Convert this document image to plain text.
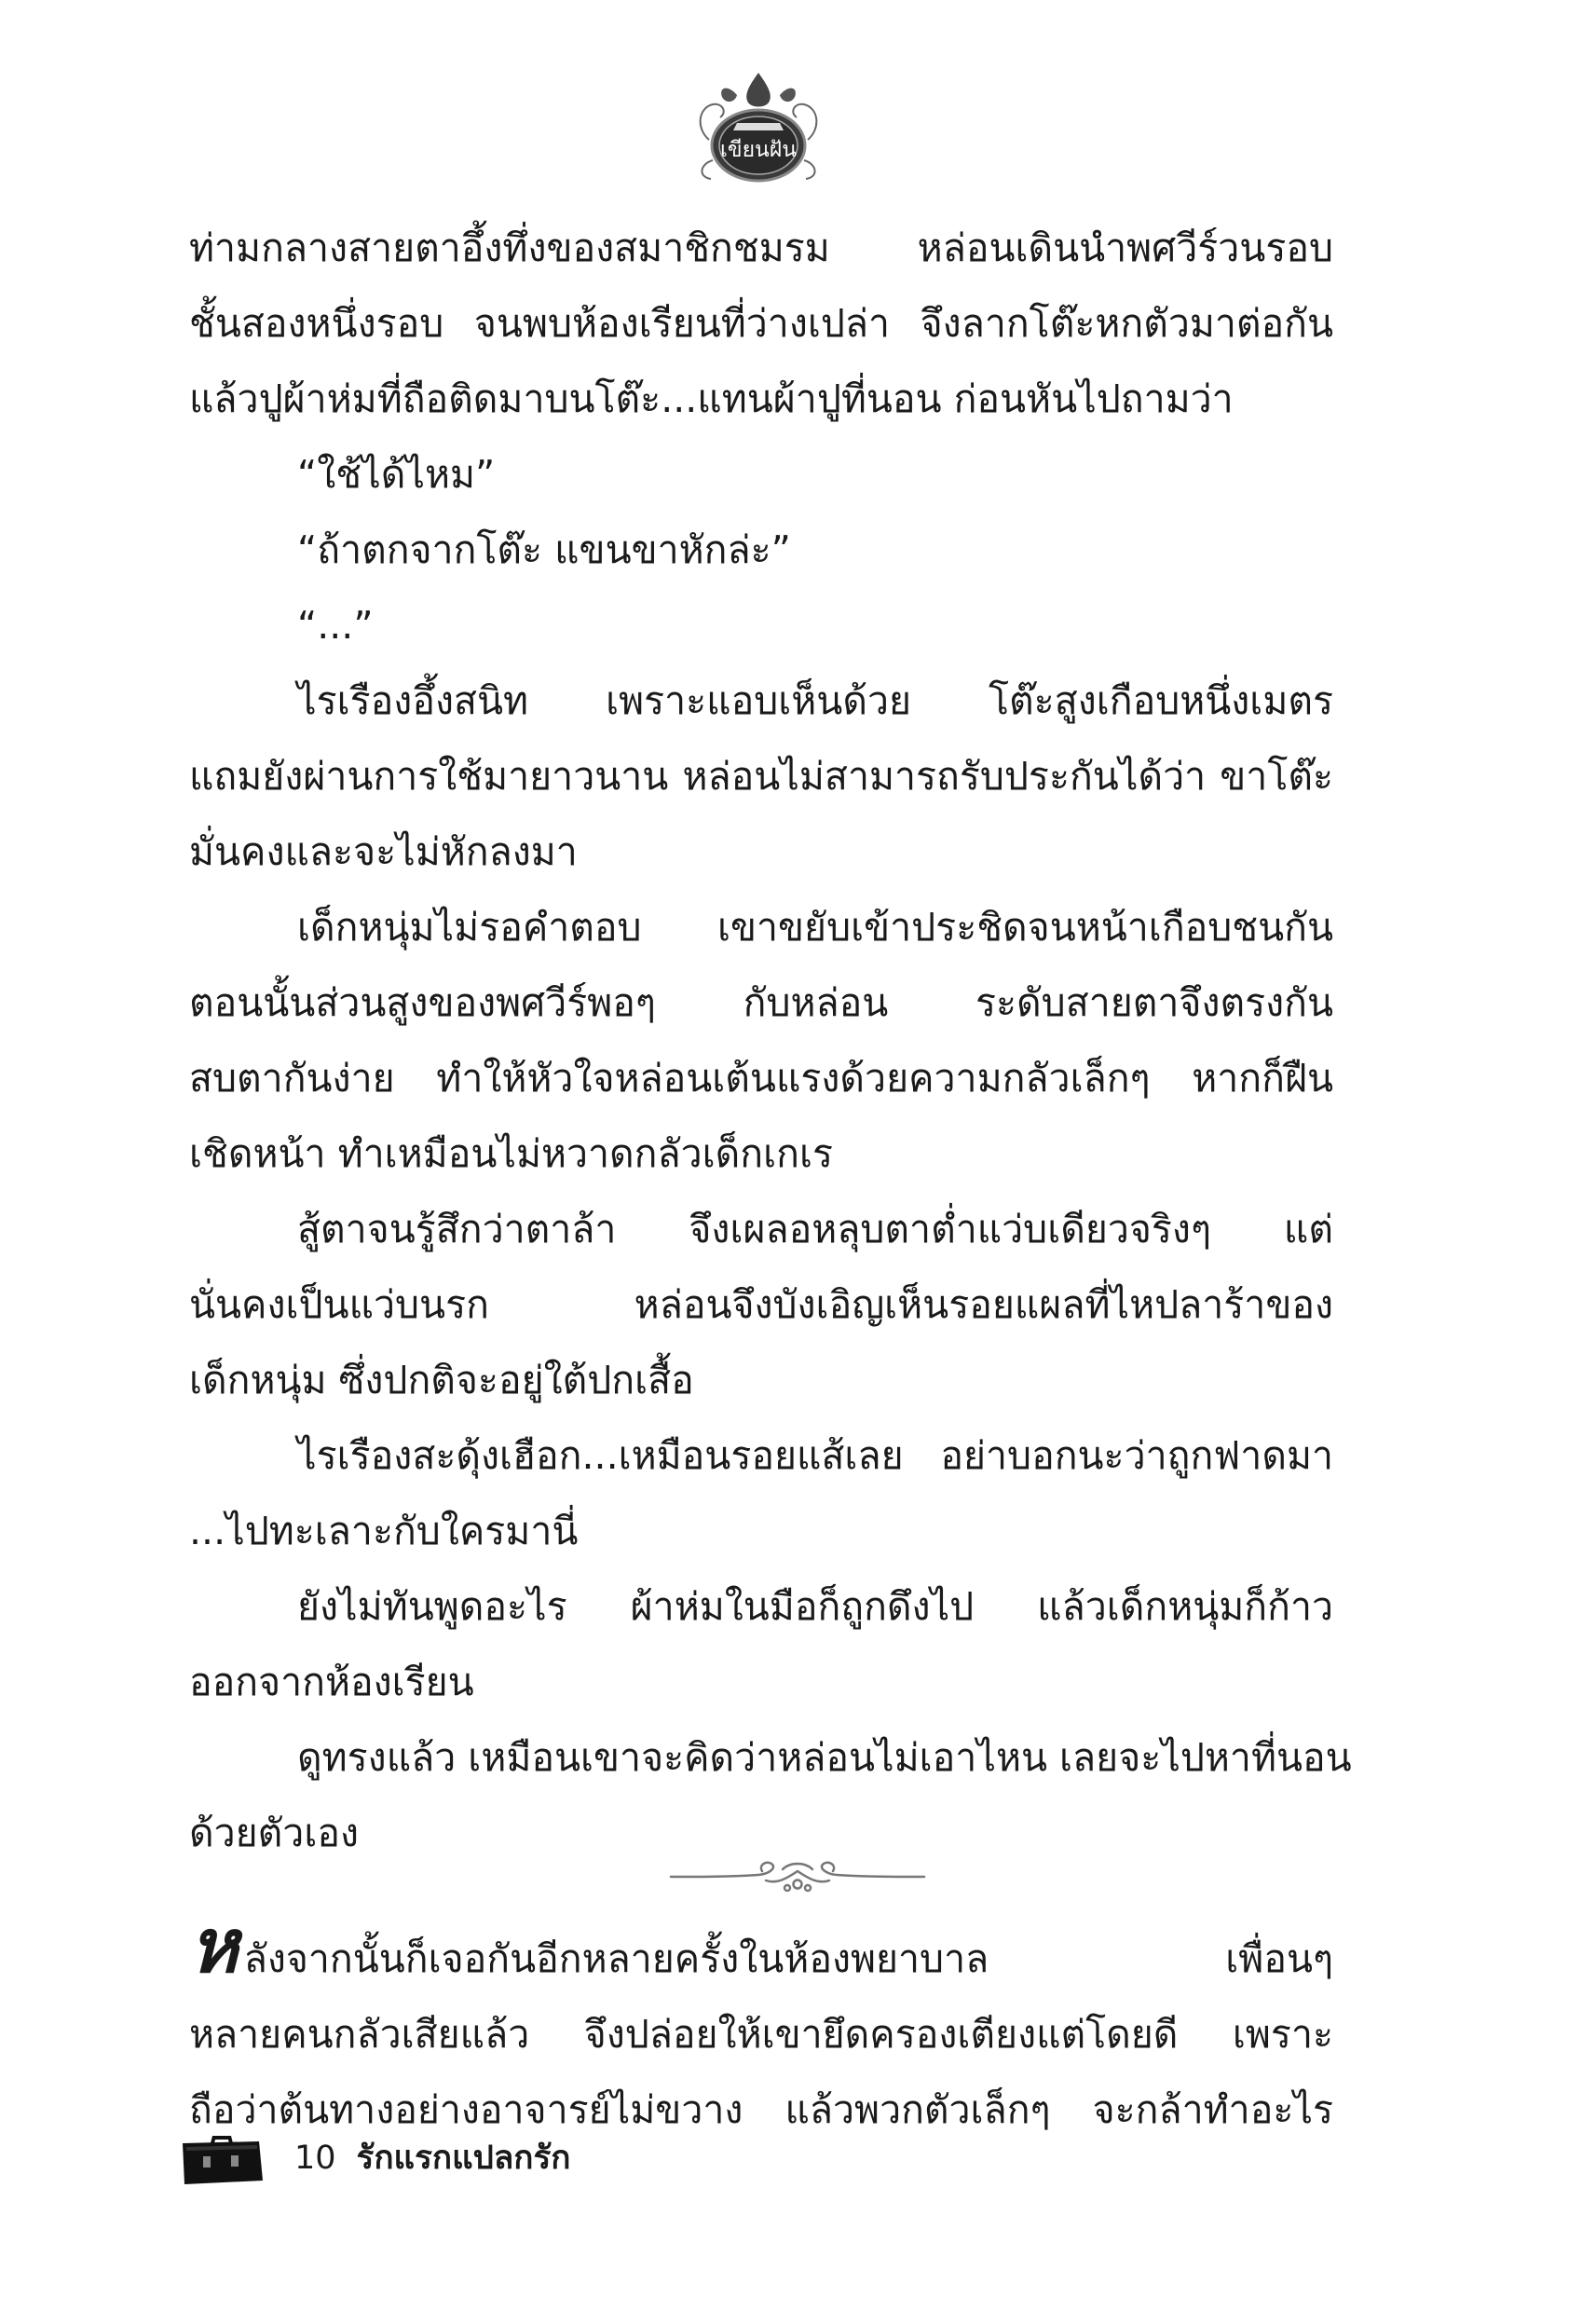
เขียนฝัน
ท่ามกลางสายตาอึ้งทึ่งของสมาชิกชมรม หล่อนเดินนำพศวีร์วนรอบ
ชั้นสองหนึ่งรอบ จนพบห้องเรียนที่ว่างเปล่า จึงลากโต๊ะหกตัวมาต่อกัน
แล้วปูผ้าห่มที่ถือติดมาบนโต๊ะ...แทนผ้าปูที่นอน ก่อนหันไปถามว่า
“ใช้ได้ไหม”
“ถ้าตกจากโต๊ะ แขนขาหักล่ะ”
“...”
ไรเรืองอึ้งสนิท เพราะแอบเห็นด้วย โต๊ะสูงเกือบหนึ่งเมตร
แถมยังผ่านการใช้มายาวนาน หล่อนไม่สามารถรับประกันได้ว่า ขาโต๊ะ
มั่นคงและจะไม่หักลงมา
เด็กหนุ่มไม่รอคำตอบ เขาขยับเข้าประชิดจนหน้าเกือบชนกัน
ตอนนั้นส่วนสูงของพศวีร์พอๆ กับหล่อน ระดับสายตาจึงตรงกัน
สบตากันง่าย ทำให้หัวใจหล่อนเต้นแรงด้วยความกลัวเล็กๆ หากก็ฝืน
เชิดหน้า ทำเหมือนไม่หวาดกลัวเด็กเกเร
สู้ตาจนรู้สึกว่าตาล้า จึงเผลอหลุบตาต่ำแว่บเดียวจริงๆ แต่
นั่นคงเป็นแว่บนรก หล่อนจึงบังเอิญเห็นรอยแผลที่ไหปลาร้าของ
เด็กหนุ่ม ซึ่งปกติจะอยู่ใต้ปกเสื้อ
ไรเรืองสะดุ้งเฮือก...เหมือนรอยแส้เลย อย่าบอกนะว่าถูกฟาดมา
...ไปทะเลาะกับใครมานี่
ยังไม่ทันพูดอะไร ผ้าห่มในมือก็ถูกดึงไป แล้วเด็กหนุ่มก็ก้าว
ออกจากห้องเรียน
ดูทรงแล้ว เหมือนเขาจะคิดว่าหล่อนไม่เอาไหน เลยจะไปหาที่นอน
ด้วยตัวเอง
หลังจากนั้นก็เจอกันอีกหลายครั้งในห้องพยาบาล เพื่อนๆ
หลายคนกลัวเสียแล้ว จึงปล่อยให้เขายึดครองเตียงแต่โดยดี เพราะ
ถือว่าต้นทางอย่างอาจารย์ไม่ขวาง แล้วพวกตัวเล็กๆ จะกล้าทำอะไร
10 รักแรกแปลกรัก
